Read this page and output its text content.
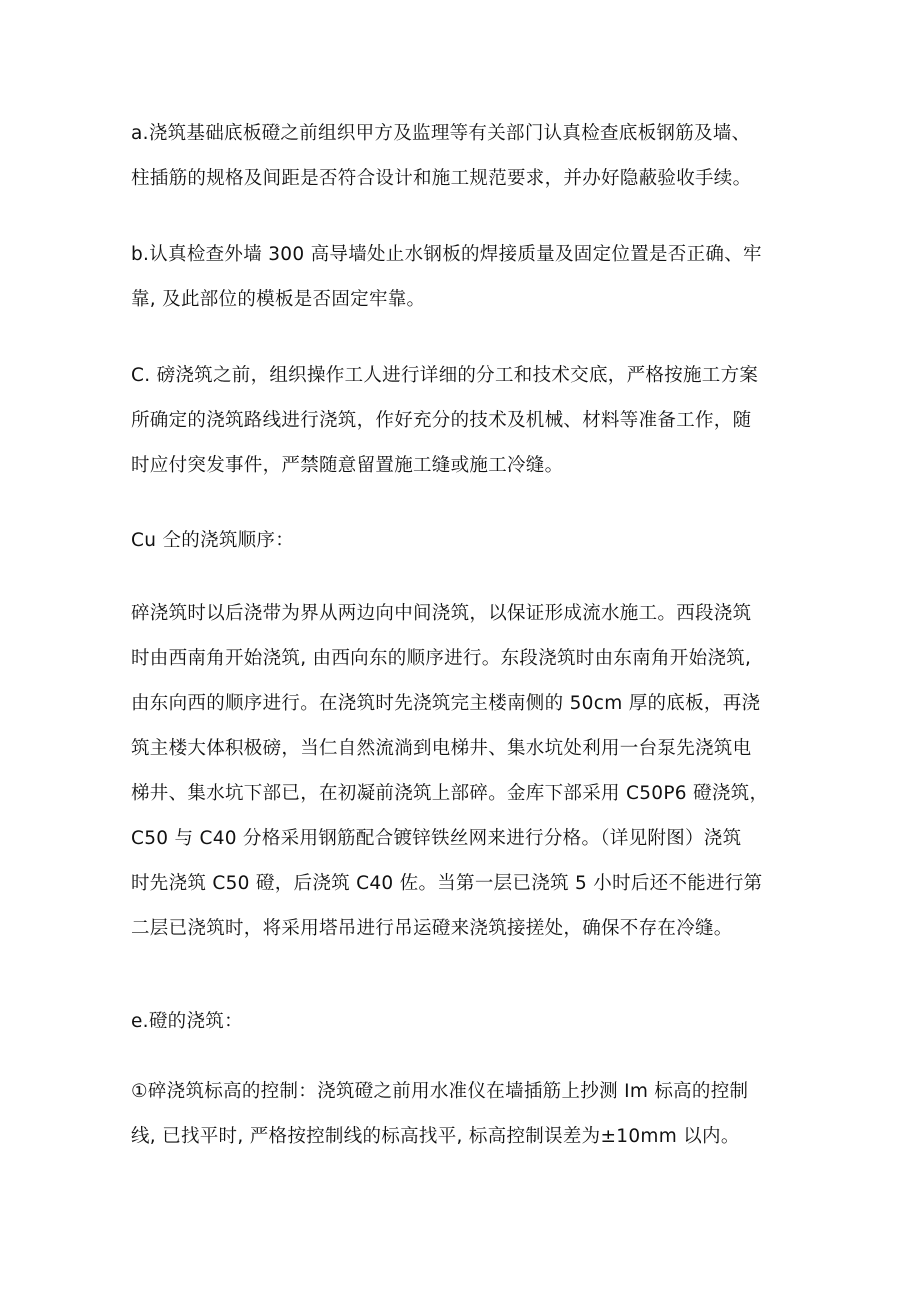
a.浇筑基础底板磴之前组织甲方及监理等有关部门认真检查底板钢筋及墙、
柱插筋的规格及间距是否符合设计和施工规范要求，并办好隐蔽验收手续。

b.认真检查外墙 300 高导墙处止水钢板的焊接质量及固定位置是否正确、牢
靠, 及此部位的模板是否固定牢靠。

C. 磅浇筑之前，组织操作工人进行详细的分工和技术交底，严格按施工方案
所确定的浇筑路线进行浇筑，作好充分的技术及机械、材料等准备工作，随
时应付突发事件，严禁随意留置施工缝或施工冷缝。

Cu 仝的浇筑顺序：

碎浇筑时以后浇带为界从两边向中间浇筑，以保证形成流水施工。西段浇筑
时由西南角开始浇筑, 由西向东的顺序进行。东段浇筑时由东南角开始浇筑,
由东向西的顺序进行。在浇筑时先浇筑完主楼南侧的 50cm 厚的底板，再浇
筑主楼大体积极磅，当仁自然流淌到电梯井、集水坑处利用一台泵先浇筑电
梯井、集水坑下部已，在初凝前浇筑上部碎。金库下部采用 C50P6 磴浇筑，
C50 与 C40 分格采用钢筋配合镀锌铁丝网来进行分格。（详见附图）浇筑
时先浇筑 C50 磴，后浇筑 C40 佐。当第一层已浇筑 5 小时后还不能进行第
二层已浇筑时，将采用塔吊进行吊运磴来浇筑接搓处，确保不存在冷缝。

e.磴的浇筑：

①碎浇筑标高的控制：浇筑磴之前用水准仪在墙插筋上抄测 Im 标高的控制
线, 已找平时, 严格按控制线的标高找平, 标高控制误差为±10mm 以内。
